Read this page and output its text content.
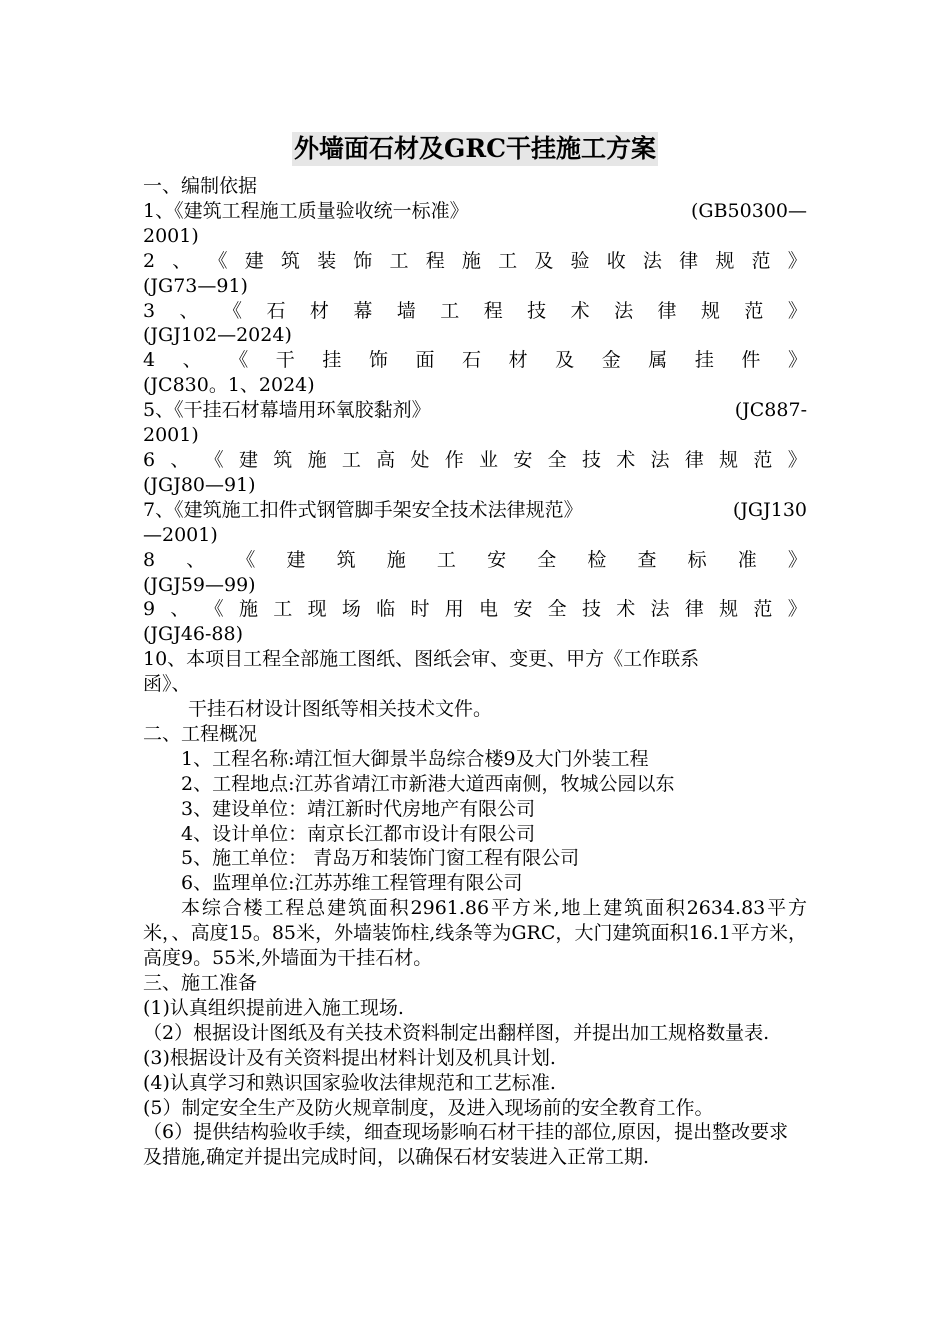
外墙面石材及GRC干挂施工方案
一、编制依据
1、《建筑工程施工质量验收统一标准》	(GB50300—
2001)
2 、 《 建 筑 装 饰 工 程 施 工 及 验 收 法 律 规 范 》
(JG73—91)
3 、 《 石 材 幕 墙 工 程 技 术 法 律 规 范 》
(JGJ102—2024)
4 、 《 干 挂 饰 面 石 材 及 金 属 挂 件 》
(JC830。1、2024)
5、《干挂石材幕墙用环氧胶黏剂》	(JC887-
2001)
6 、 《 建 筑 施 工 高 处 作 业 安 全 技 术 法 律 规 范 》
(JGJ80—91)
7、《建筑施工扣件式钢管脚手架安全技术法律规范》	(JGJ130
—2001)
8 、 《 建 筑 施 工 安 全 检 查 标 准 》
(JGJ59—99)
9 、 《 施 工 现 场 临 时 用 电 安 全 技 术 法 律 规 范 》
(JGJ46-88)
10、本项目工程全部施工图纸、图纸会审、变更、甲方《工作联系
函》、
干挂石材设计图纸等相关技术文件。
二、工程概况
1、工程名称:靖江恒大御景半岛综合楼9及大门外装工程
2、工程地点:江苏省靖江市新港大道西南侧，牧城公园以东
3、建设单位：靖江新时代房地产有限公司
4、设计单位：南京长江都市设计有限公司
5、施工单位： 青岛万和装饰门窗工程有限公司
6、监理单位:江苏苏维工程管理有限公司
本综合楼工程总建筑面积2961.86平方米,地上建筑面积2634.83平方米，、高度15。85米，外墙装饰柱,线条等为GRC，大门建筑面积16.1平方米，高度9。55米,外墙面为干挂石材。
三、施工准备
(1)认真组织提前进入施工现场.
（2）根据设计图纸及有关技术资料制定出翻样图，并提出加工规格数量表.
(3)根据设计及有关资料提出材料计划及机具计划.
(4)认真学习和熟识国家验收法律规范和工艺标准.
(5）制定安全生产及防火规章制度，及进入现场前的安全教育工作。
（6）提供结构验收手续，细查现场影响石材干挂的部位,原因，提出整改要求及措施,确定并提出完成时间，以确保石材安装进入正常工期.
